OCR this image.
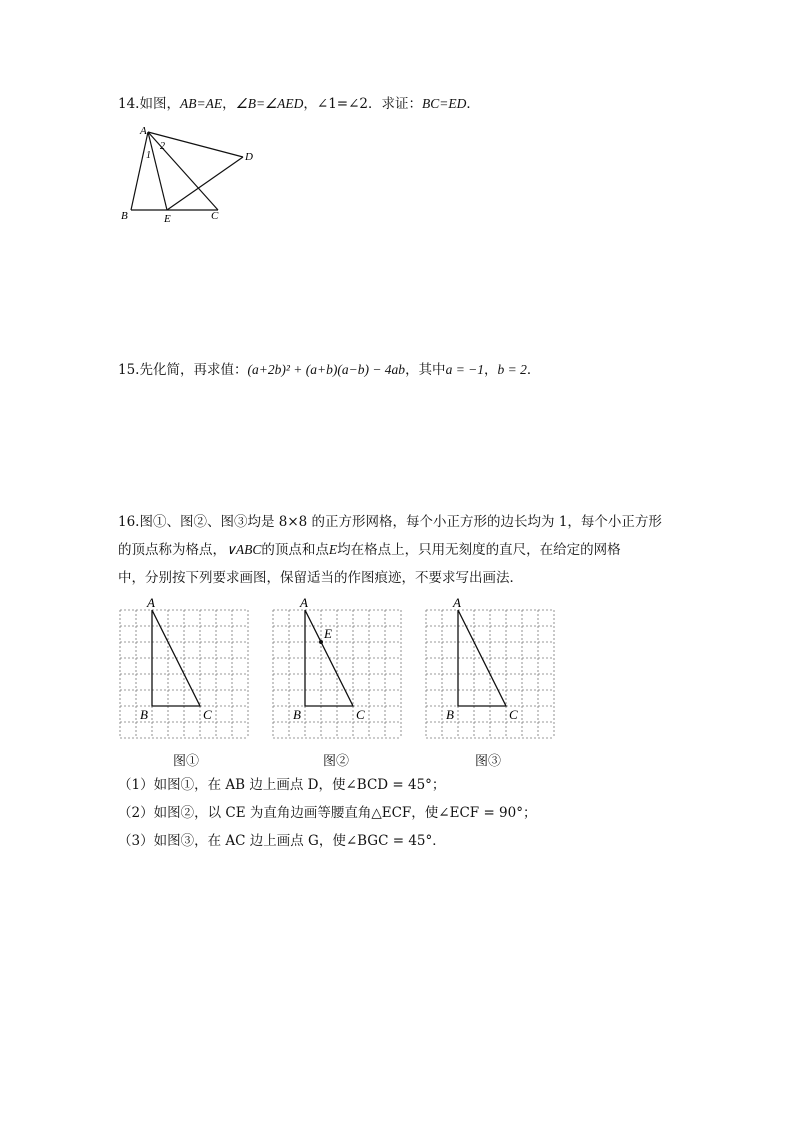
14.如图，AB=AE，∠B=∠AED，∠1=∠2．求证：BC=ED．
A
B	E	C
D
1
2
15.先化简，再求值：(a+2b)² + (a+b)(a−b) − 4ab，其中a = −1，b = 2．
16.图①、图②、图③均是 8×8 的正方形网格，每个小正方形的边长均为 1，每个小正方形
的顶点称为格点，∨ABC的顶点和点E均在格点上，只用无刻度的直尺，在给定的网格
中，分别按下列要求画图，保留适当的作图痕迹，不要求写出画法．
A
B	C
A
E
B	C
A
B	C
图①	图②	图③
（1）如图①，在 AB 边上画点 D，使∠BCD = 45°；
（2）如图②，以 CE 为直角边画等腰直角△ECF，使∠ECF = 90°；
（3）如图③，在 AC 边上画点 G，使∠BGC = 45°．
